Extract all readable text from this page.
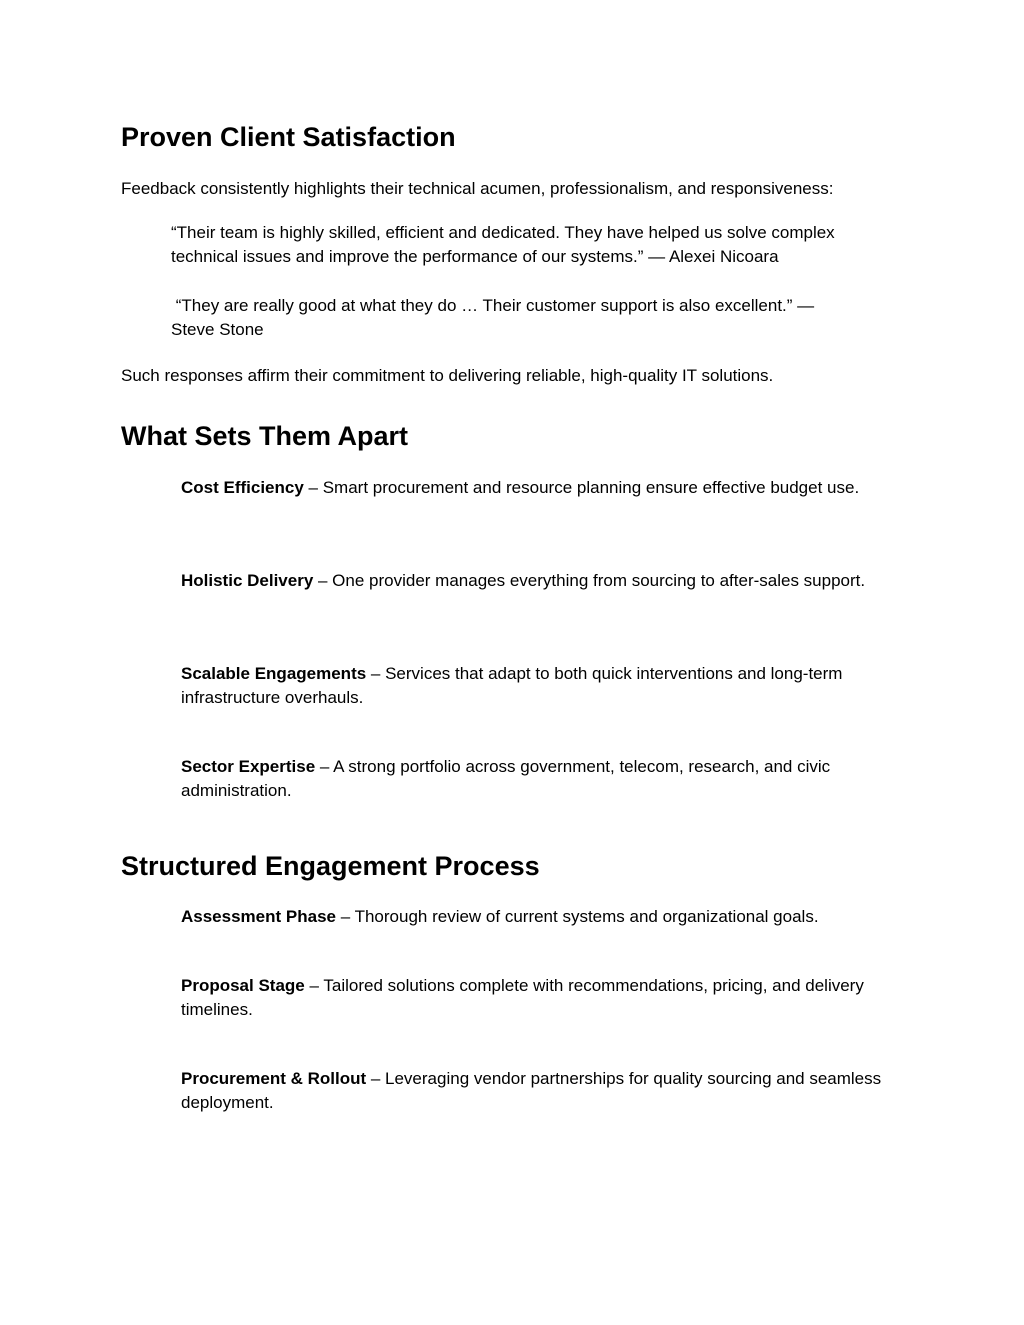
Proven Client Satisfaction

Feedback consistently highlights their technical acumen, professionalism, and responsiveness:

“Their team is highly skilled, efficient and dedicated. They have helped us solve complex technical issues and improve the performance of our systems.” — Alexei Nicoara

“They are really good at what they do … Their customer support is also excellent.” — Steve Stone

Such responses affirm their commitment to delivering reliable, high-quality IT solutions.

What Sets Them Apart

Cost Efficiency – Smart procurement and resource planning ensure effective budget use.

Holistic Delivery – One provider manages everything from sourcing to after-sales support.

Scalable Engagements – Services that adapt to both quick interventions and long-term infrastructure overhauls.

Sector Expertise – A strong portfolio across government, telecom, research, and civic administration.

Structured Engagement Process

Assessment Phase – Thorough review of current systems and organizational goals.

Proposal Stage – Tailored solutions complete with recommendations, pricing, and delivery timelines.

Procurement & Rollout – Leveraging vendor partnerships for quality sourcing and seamless deployment.
